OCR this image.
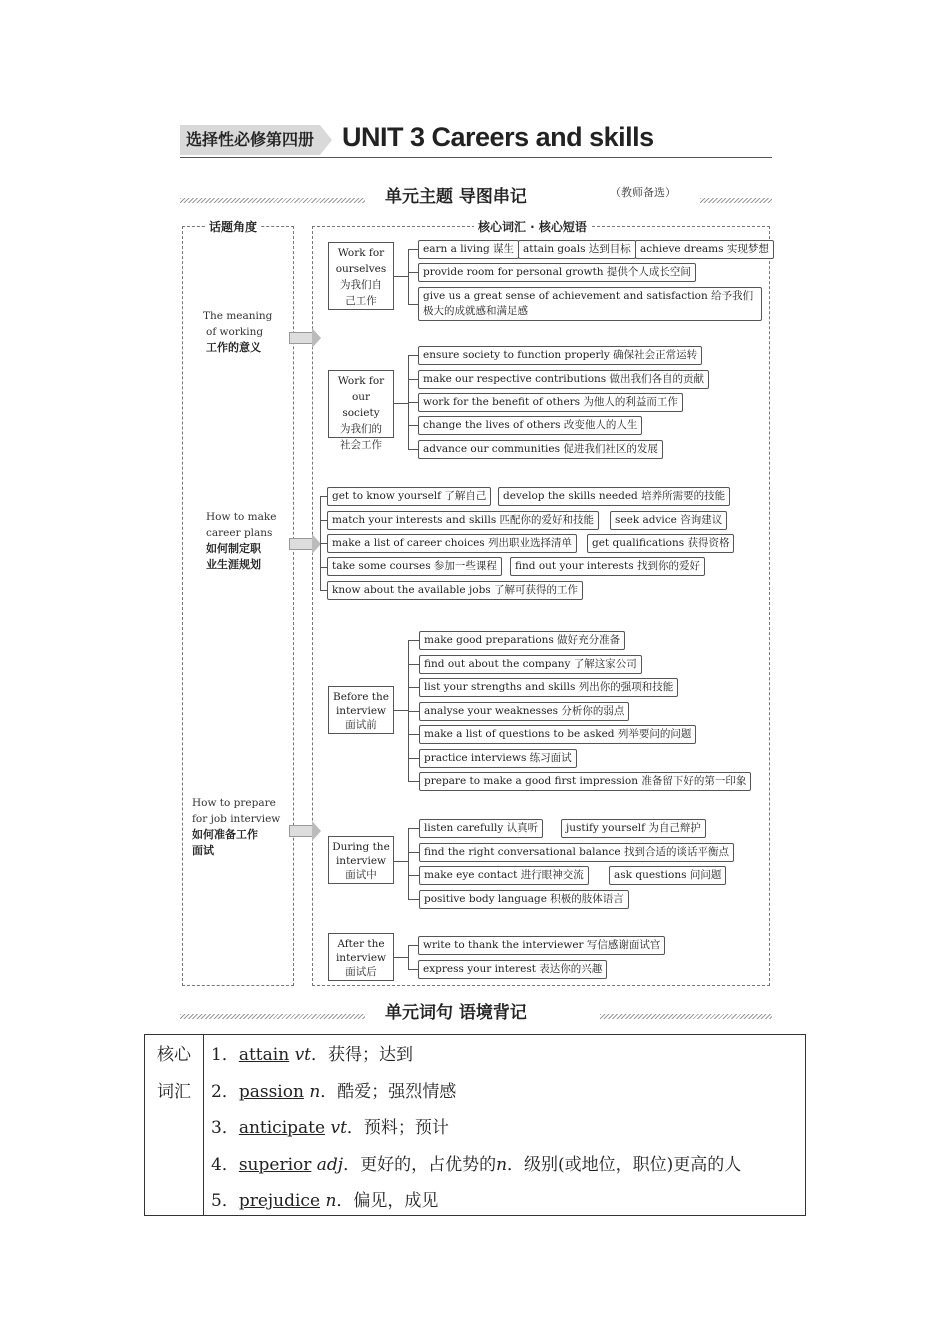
选择性必修第四册 UNIT 3 Careers and skills
单元主题 导图串记	（教师备选）
话题角度	核心词汇 · 核心短语
The meaning
of working
工作的意义
How to make
career plans
如何制定职
业生涯规划
How to prepare
for job interview
如何准备工作
面试
Work for
ourselves
为我们自
己工作
earn a living 谋生 attain goals 达到目标 achieve dreams 实现梦想
provide room for personal growth 提供个人成长空间
give us a great sense of achievement and satisfaction 给予我们极大的成就感和满足感
Work for
our society
为我们的
社会工作
ensure society to function properly 确保社会正常运转
make our respective contributions 做出我们各自的贡献
work for the benefit of others 为他人的利益而工作
change the lives of others 改变他人的人生
advance our communities 促进我们社区的发展
get to know yourself 了解自己	develop the skills needed 培养所需要的技能
match your interests and skills 匹配你的爱好和技能	seek advice 咨询建议
make a list of career choices 列出职业选择清单	get qualifications 获得资格
take some courses 参加一些课程	find out your interests 找到你的爱好
know about the available jobs 了解可获得的工作
Before the
interview
面试前
make good preparations 做好充分准备
find out about the company 了解这家公司
list your strengths and skills 列出你的强项和技能
analyse your weaknesses 分析你的弱点
make a list of questions to be asked 列举要问的问题
practice interviews 练习面试
prepare to make a good first impression 准备留下好的第一印象
During the
interview
面试中
listen carefully 认真听	justify yourself 为自己辩护
find the right conversational balance 找到合适的谈话平衡点
make eye contact 进行眼神交流	ask questions 问问题
positive body language 积极的肢体语言
After the
interview
面试后
write to thank the interviewer 写信感谢面试官
express your interest 表达你的兴趣
单元词句 语境背记
核心
词汇
1．attain vt．获得；达到
2．passion n．酷爱；强烈情感
3．anticipate vt．预料；预计
4．superior adj．更好的，占优势的n．级别(或地位，职位)更高的人
5．prejudice n．偏见，成见
